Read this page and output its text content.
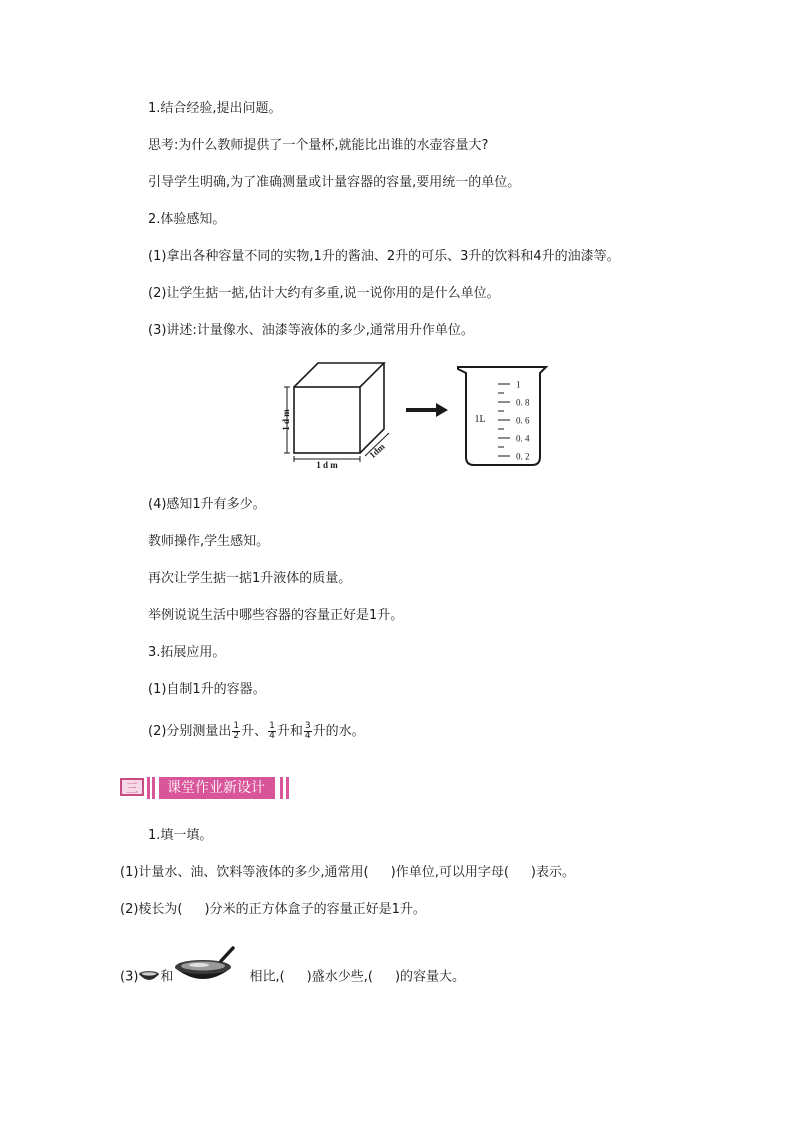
1.结合经验,提出问题。
思考:为什么教师提供了一个量杯,就能比出谁的水壶容量大?
引导学生明确,为了准确测量或计量容器的容量,要用统一的单位。
2.体验感知。
(1)拿出各种容量不同的实物,1升的酱油、2升的可乐、3升的饮料和4升的油漆等。
(2)让学生掂一掂,估计大约有多重,说一说你用的是什么单位。
(3)讲述:计量像水、油漆等液体的多少,通常用升作单位。
1 d m
1 d m
1dm
1L
1
0. 8
0. 6
0. 4
0. 2
(4)感知1升有多少。
教师操作,学生感知。
再次让学生掂一掂1升液体的质量。
举例说说生活中哪些容器的容量正好是1升。
3.拓展应用。
(1)自制1升的容器。
(2)分别测量出 $\frac{1}{2}$ 升、 $\frac{1}{4}$ 升和 $\frac{3}{4}$ 升的水。
三	课堂作业新设计
1.填一填。
(1)计量水、油、饮料等液体的多少,通常用( )作单位,可以用字母( )表示。
(2)棱长为( )分米的正方体盒子的容量正好是1升。
(3) 和	相比,( )盛水少些,( )的容量大。
